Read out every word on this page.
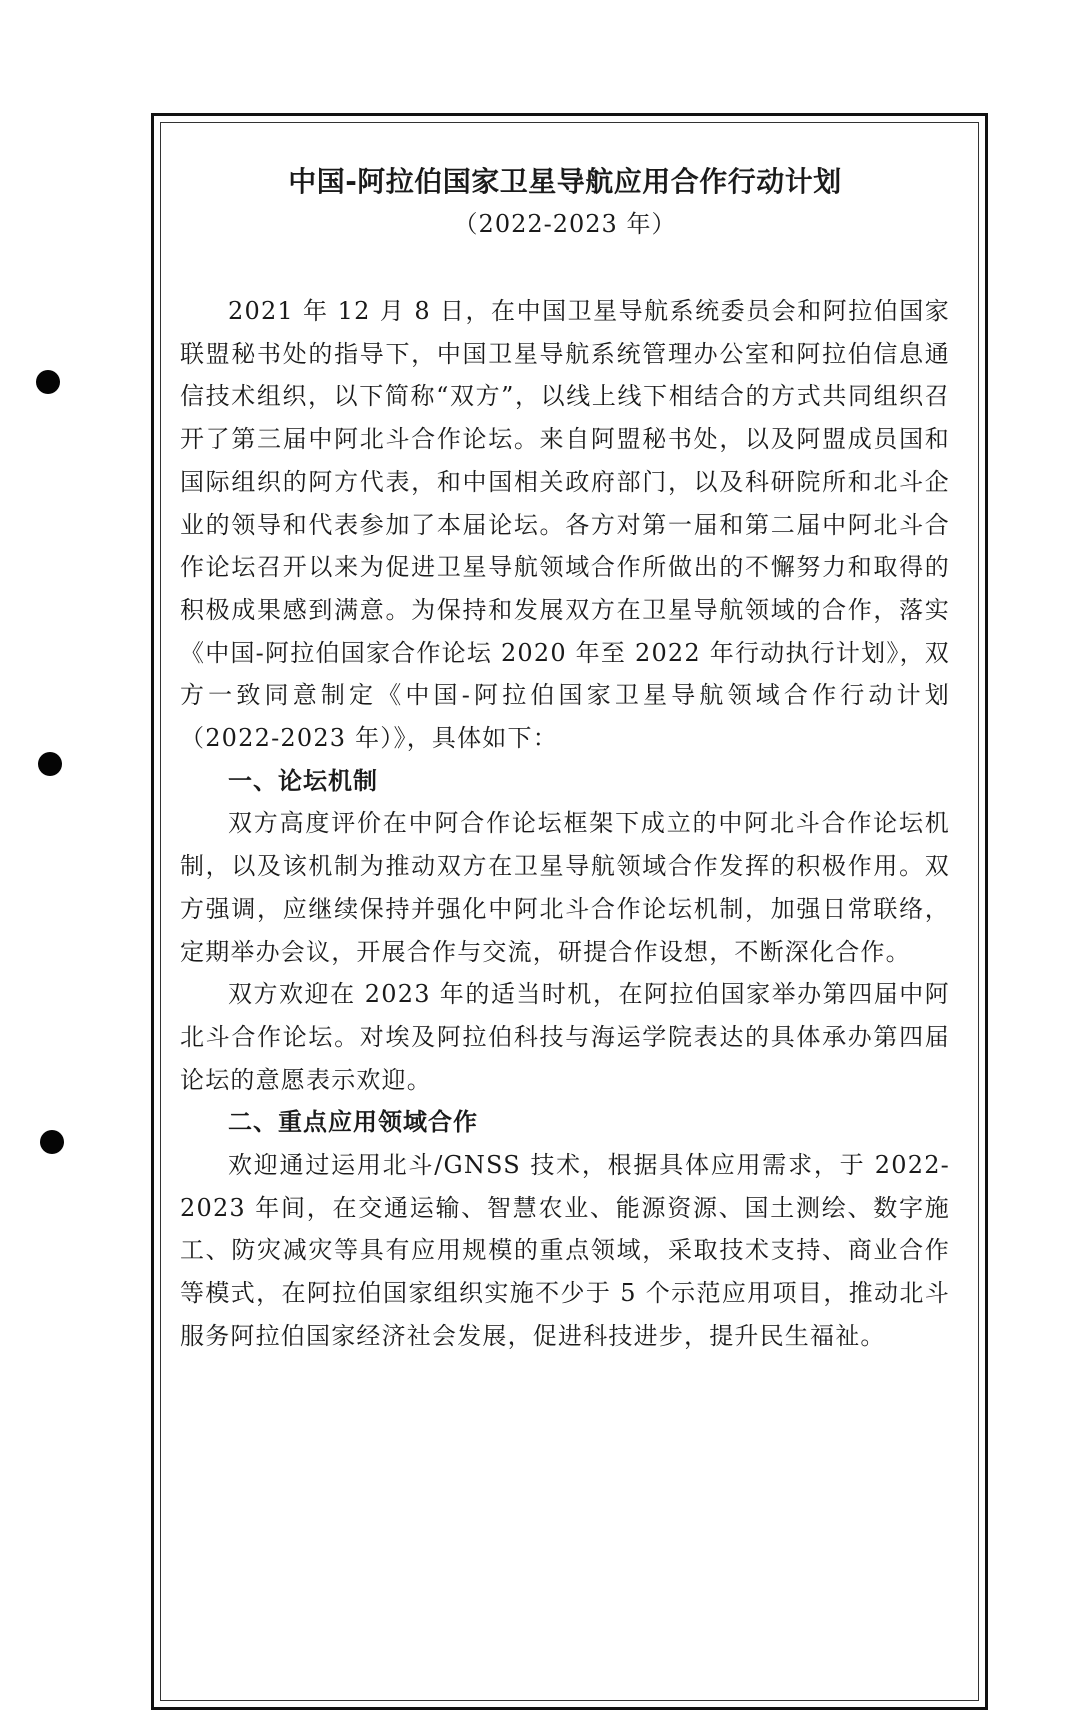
中国-阿拉伯国家卫星导航应用合作行动计划
（2022-2023 年）

2021 年 12 月 8 日，在中国卫星导航系统委员会和阿拉伯国家联盟秘书处的指导下，中国卫星导航系统管理办公室和阿拉伯信息通信技术组织，以下简称“双方”，以线上线下相结合的方式共同组织召开了第三届中阿北斗合作论坛。来自阿盟秘书处，以及阿盟成员国和国际组织的阿方代表，和中国相关政府部门，以及科研院所和北斗企业的领导和代表参加了本届论坛。各方对第一届和第二届中阿北斗合作论坛召开以来为促进卫星导航领域合作所做出的不懈努力和取得的积极成果感到满意。为保持和发展双方在卫星导航领域的合作，落实《中国-阿拉伯国家合作论坛 2020 年至 2022 年行动执行计划》，双方一致同意制定《中国-阿拉伯国家卫星导航领域合作行动计划（2022-2023 年）》，具体如下：

一、论坛机制

双方高度评价在中阿合作论坛框架下成立的中阿北斗合作论坛机制，以及该机制为推动双方在卫星导航领域合作发挥的积极作用。双方强调，应继续保持并强化中阿北斗合作论坛机制，加强日常联络，定期举办会议，开展合作与交流，研提合作设想，不断深化合作。

双方欢迎在 2023 年的适当时机，在阿拉伯国家举办第四届中阿北斗合作论坛。对埃及阿拉伯科技与海运学院表达的具体承办第四届论坛的意愿表示欢迎。

二、重点应用领域合作

欢迎通过运用北斗/GNSS 技术，根据具体应用需求，于 2022-2023 年间，在交通运输、智慧农业、能源资源、国土测绘、数字施工、防灾减灾等具有应用规模的重点领域，采取技术支持、商业合作等模式，在阿拉伯国家组织实施不少于 5 个示范应用项目，推动北斗服务阿拉伯国家经济社会发展，促进科技进步，提升民生福祉。
